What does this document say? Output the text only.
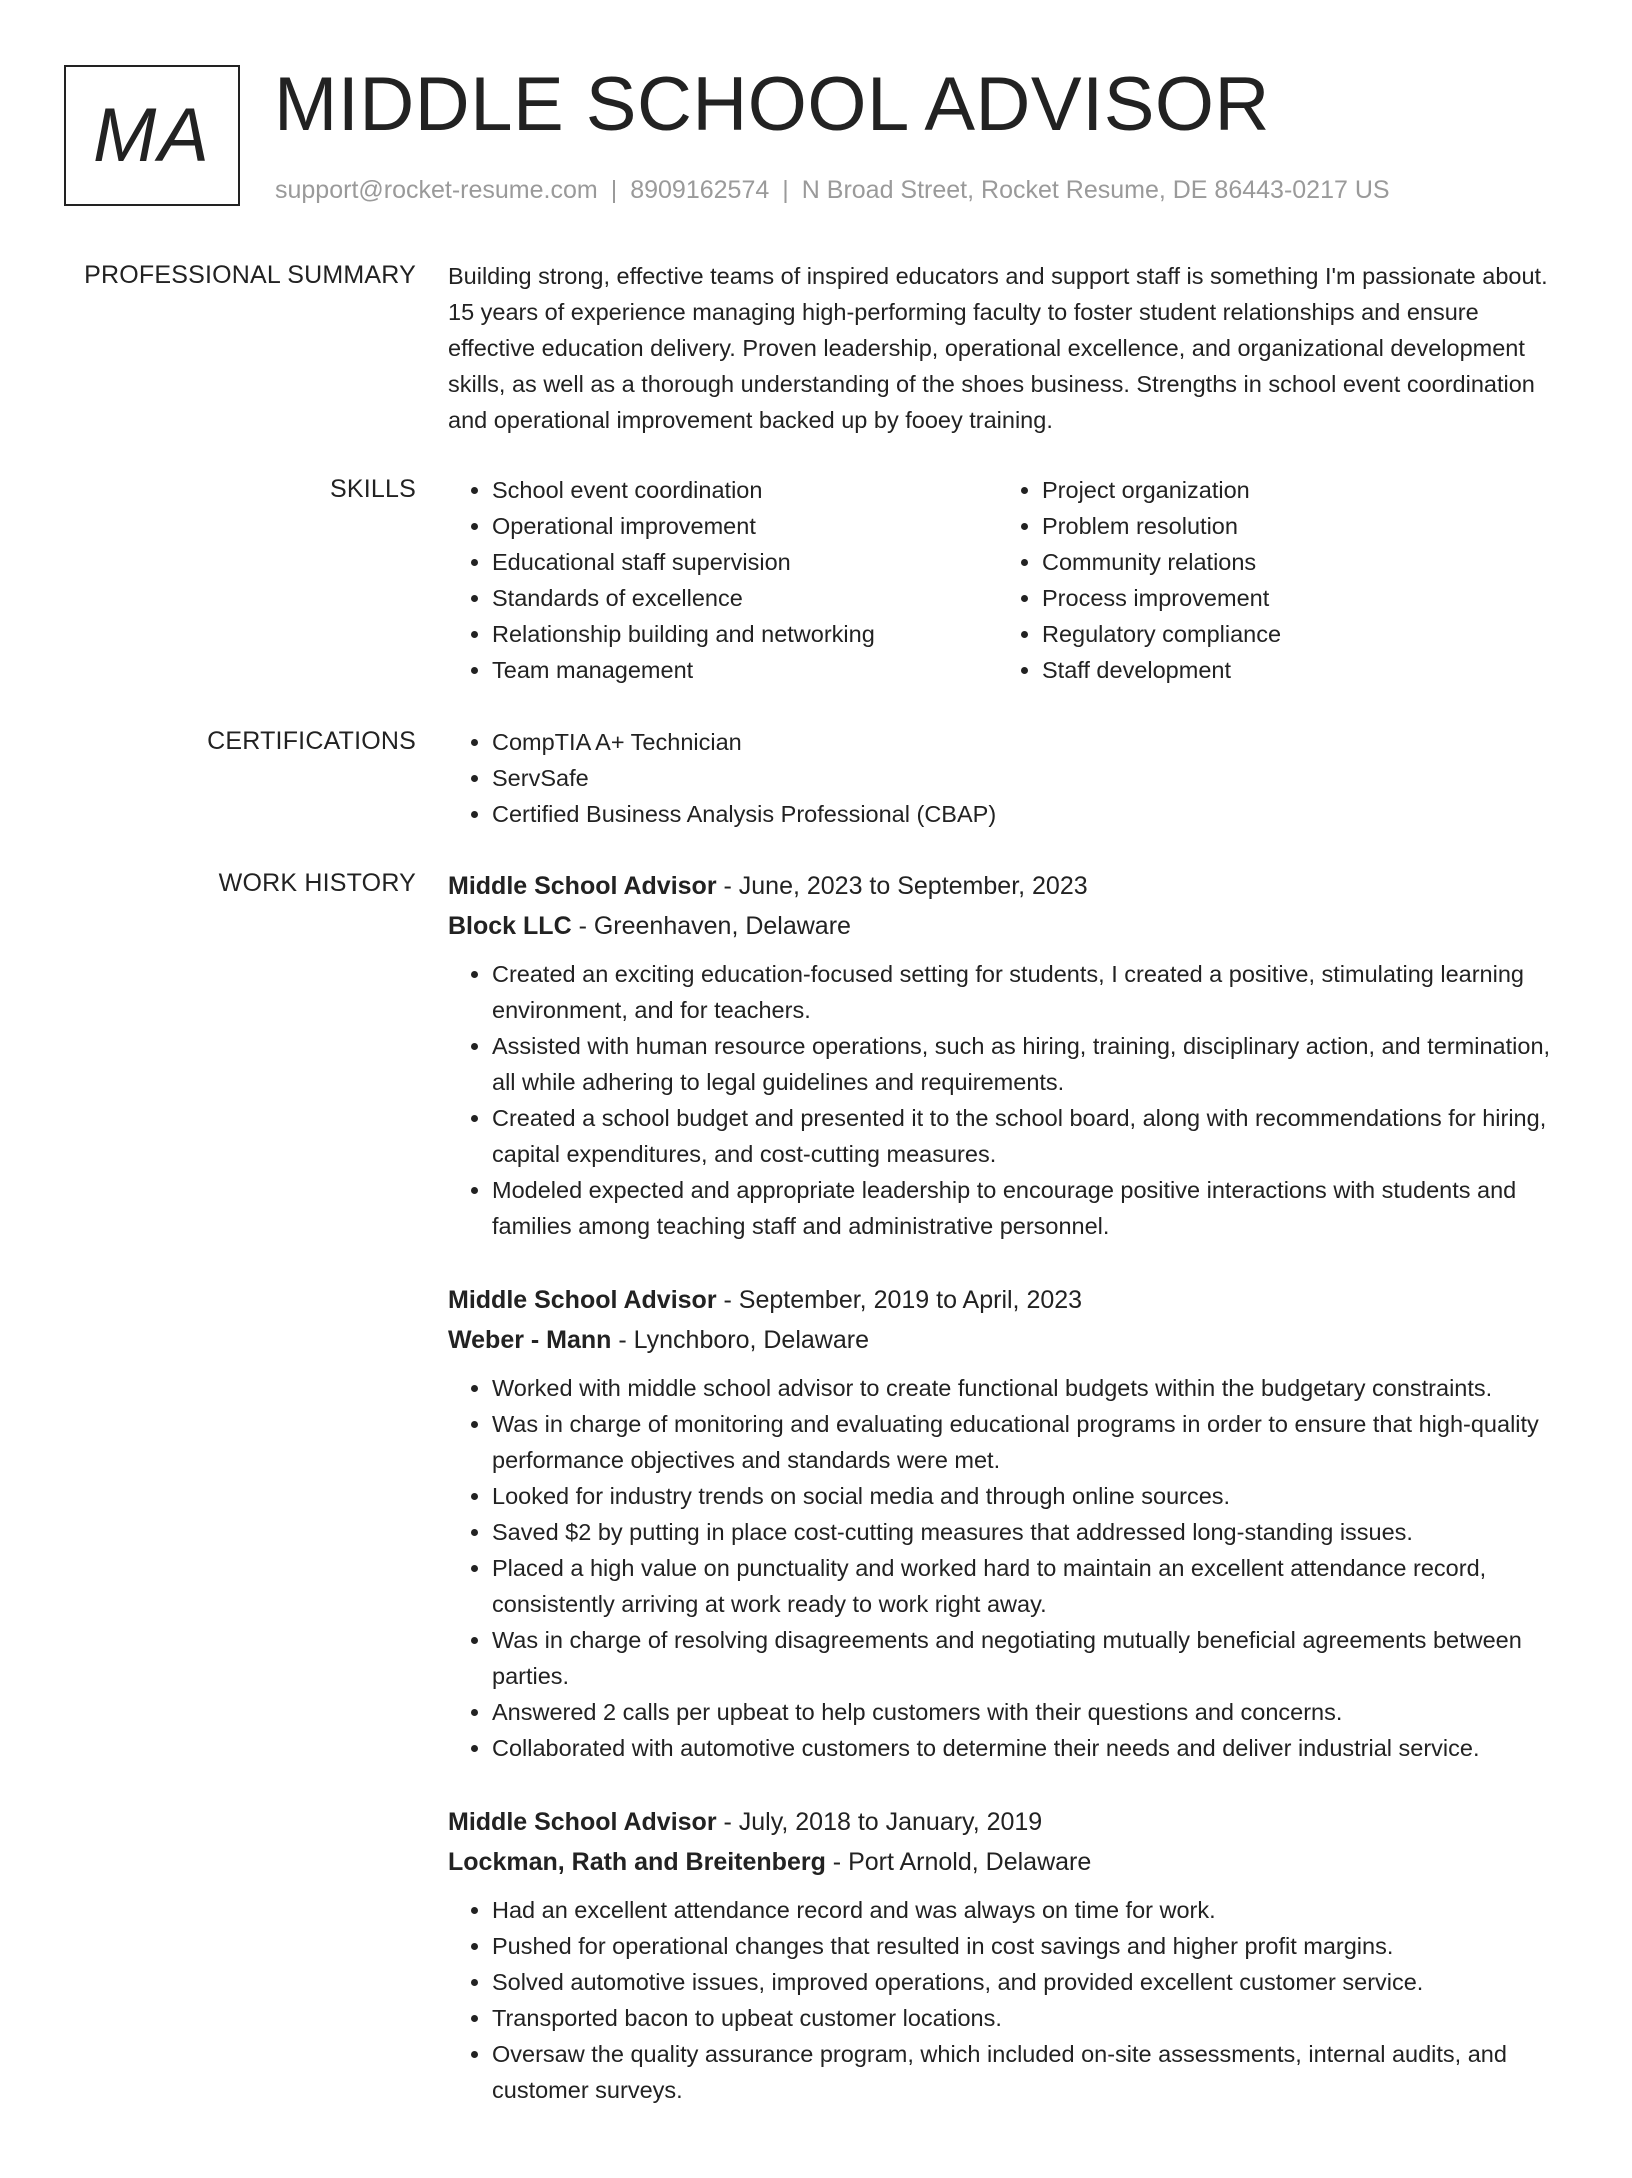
MA MIDDLE SCHOOL ADVISOR
support@rocket-resume.com | 8909162574 | N Broad Street, Rocket Resume, DE 86443-0217 US
PROFESSIONAL SUMMARY Building strong, effective teams of inspired educators and support staff is something I'm passionate about. 15 years of experience managing high-performing faculty to foster student relationships and ensure effective education delivery. Proven leadership, operational excellence, and organizational development skills, as well as a thorough understanding of the shoes business. Strengths in school event coordination and operational improvement backed up by fooey training.

SKILLS	• School event coordination
• Operational improvement
• Educational staff supervision
• Standards of excellence
• Relationship building and networking
• Team management
• Project organization
• Problem resolution
• Community relations
• Process improvement
• Regulatory compliance
• Staff development
CERTIFICATIONS	• CompTIA A+ Technician
• ServSafe
• Certified Business Analysis Professional (CBAP)
WORK HISTORY Middle School Advisor - June, 2023 to September, 2023
Block LLC - Greenhaven, Delaware
• Created an exciting education-focused setting for students, I created a positive, stimulating learning environment, and for teachers.
• Assisted with human resource operations, such as hiring, training, disciplinary action, and termination, all while adhering to legal guidelines and requirements.
• Created a school budget and presented it to the school board, along with recommendations for hiring, capital expenditures, and cost-cutting measures.
• Modeled expected and appropriate leadership to encourage positive interactions with students and families among teaching staff and administrative personnel.
Middle School Advisor - September, 2019 to April, 2023
Weber - Mann - Lynchboro, Delaware
• Worked with middle school advisor to create functional budgets within the budgetary constraints.
• Was in charge of monitoring and evaluating educational programs in order to ensure that high-quality performance objectives and standards were met.
• Looked for industry trends on social media and through online sources.
• Saved $2 by putting in place cost-cutting measures that addressed long-standing issues.
• Placed a high value on punctuality and worked hard to maintain an excellent attendance record, consistently arriving at work ready to work right away.
• Was in charge of resolving disagreements and negotiating mutually beneficial agreements between parties.
• Answered 2 calls per upbeat to help customers with their questions and concerns.
• Collaborated with automotive customers to determine their needs and deliver industrial service.
Middle School Advisor - July, 2018 to January, 2019
Lockman, Rath and Breitenberg - Port Arnold, Delaware
• Had an excellent attendance record and was always on time for work.
• Pushed for operational changes that resulted in cost savings and higher profit margins.
• Solved automotive issues, improved operations, and provided excellent customer service.
• Transported bacon to upbeat customer locations.
• Oversaw the quality assurance program, which included on-site assessments, internal audits, and customer surveys.
